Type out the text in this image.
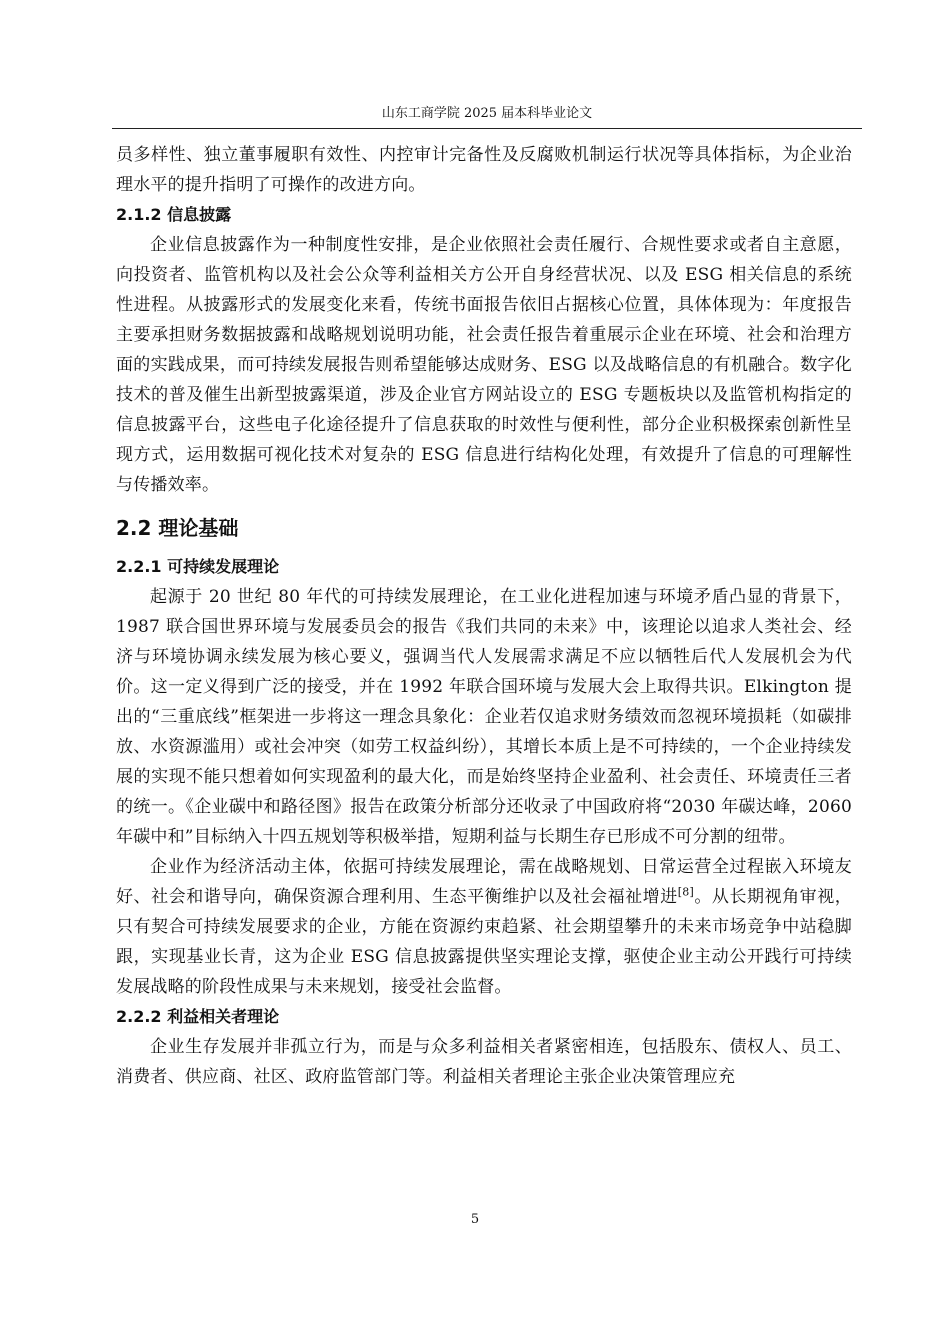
山东工商学院 2025 届本科毕业论文

员多样性、独立董事履职有效性、内控审计完备性及反腐败机制运行状况等具体指标，为企业治理水平的提升指明了可操作的改进方向。

2.1.2 信息披露

企业信息披露作为一种制度性安排，是企业依照社会责任履行、合规性要求或者自主意愿，向投资者、监管机构以及社会公众等利益相关方公开自身经营状况、以及 ESG 相关信息的系统性进程。从披露形式的发展变化来看，传统书面报告依旧占据核心位置，具体体现为：年度报告主要承担财务数据披露和战略规划说明功能，社会责任报告着重展示企业在环境、社会和治理方面的实践成果，而可持续发展报告则希望能够达成财务、ESG 以及战略信息的有机融合。数字化技术的普及催生出新型披露渠道，涉及企业官方网站设立的 ESG 专题板块以及监管机构指定的信息披露平台，这些电子化途径提升了信息获取的时效性与便利性，部分企业积极探索创新性呈现方式，运用数据可视化技术对复杂的 ESG 信息进行结构化处理，有效提升了信息的可理解性与传播效率。

2.2 理论基础
2.2.1 可持续发展理论

起源于 20 世纪 80 年代的可持续发展理论，在工业化进程加速与环境矛盾凸显的背景下，1987 联合国世界环境与发展委员会的报告《我们共同的未来》中，该理论以追求人类社会、经济与环境协调永续发展为核心要义，强调当代人发展需求满足不应以牺牲后代人发展机会为代价。这一定义得到广泛的接受，并在 1992 年联合国环境与发展大会上取得共识。Elkington 提出的“三重底线”框架进一步将这一理念具象化：企业若仅追求财务绩效而忽视环境损耗（如碳排放、水资源滥用）或社会冲突（如劳工权益纠纷），其增长本质上是不可持续的，一个企业持续发展的实现不能只想着如何实现盈利的最大化，而是始终坚持企业盈利、社会责任、环境责任三者的统一。《企业碳中和路径图》报告在政策分析部分还收录了中国政府将“2030 年碳达峰，2060 年碳中和”目标纳入十四五规划等积极举措，短期利益与长期生存已形成不可分割的纽带。

企业作为经济活动主体，依据可持续发展理论，需在战略规划、日常运营全过程嵌入环境友好、社会和谐导向，确保资源合理利用、生态平衡维护以及社会福祉增进[8]。从长期视角审视，只有契合可持续发展要求的企业，方能在资源约束趋紧、社会期望攀升的未来市场竞争中站稳脚跟，实现基业长青，这为企业 ESG 信息披露提供坚实理论支撑，驱使企业主动公开践行可持续发展战略的阶段性成果与未来规划，接受社会监督。

2.2.2 利益相关者理论

企业生存发展并非孤立行为，而是与众多利益相关者紧密相连，包括股东、债权人、员工、消费者、供应商、社区、政府监管部门等。利益相关者理论主张企业决策管理应充

5
